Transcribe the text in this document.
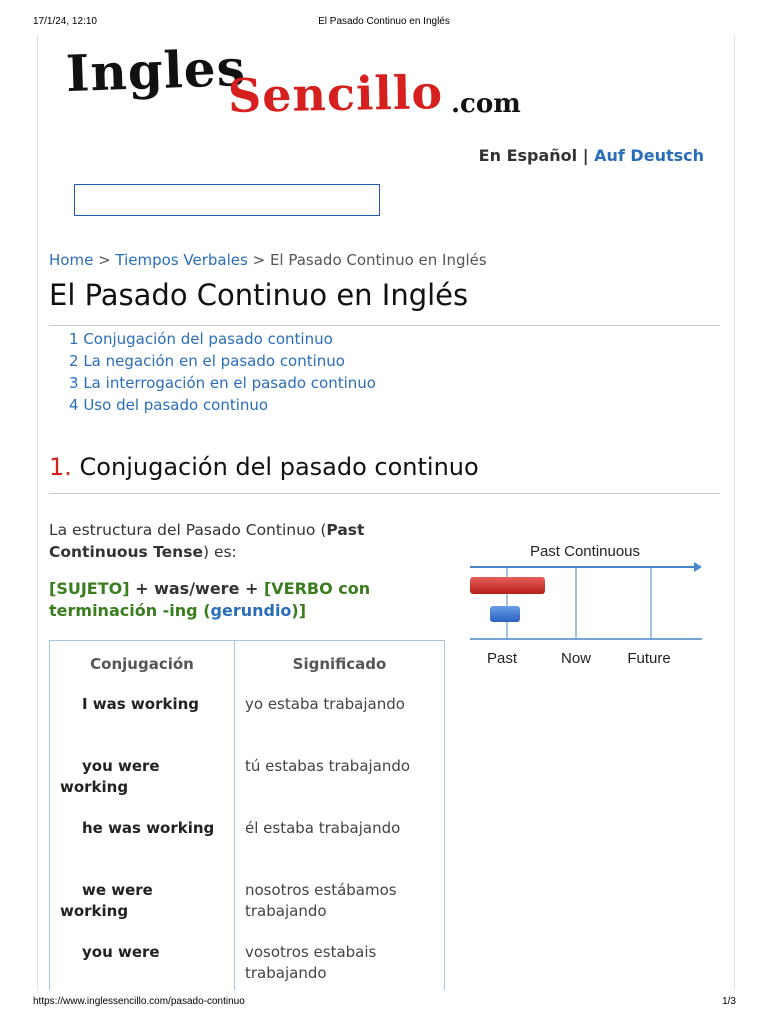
17/1/24, 12:10	El Pasado Continuo en Inglés
Ingles
Sencillo .com
En Español | Auf Deutsch
Home > Tiempos Verbales > El Pasado Continuo en Inglés
El Pasado Continuo en Inglés
1 Conjugación del pasado continuo
2 La negación en el pasado continuo
3 La interrogación en el pasado continuo
4 Uso del pasado continuo
1. Conjugación del pasado continuo
La estructura del Pasado Continuo (Past Continuous Tense) es:
[SUJETO] + was/were + [VERBO con terminación -ing (gerundio)]
Past Continuous
Past	Now Future
Conjugación	Significado
I was working	yo estaba trabajando
you were working	tú estabas trabajando
he was working	él estaba trabajando
we were working	nosotros estábamos trabajando
you were	vosotros estabais trabajando
https://www.inglessencillo.com/pasado-continuo	1/3
